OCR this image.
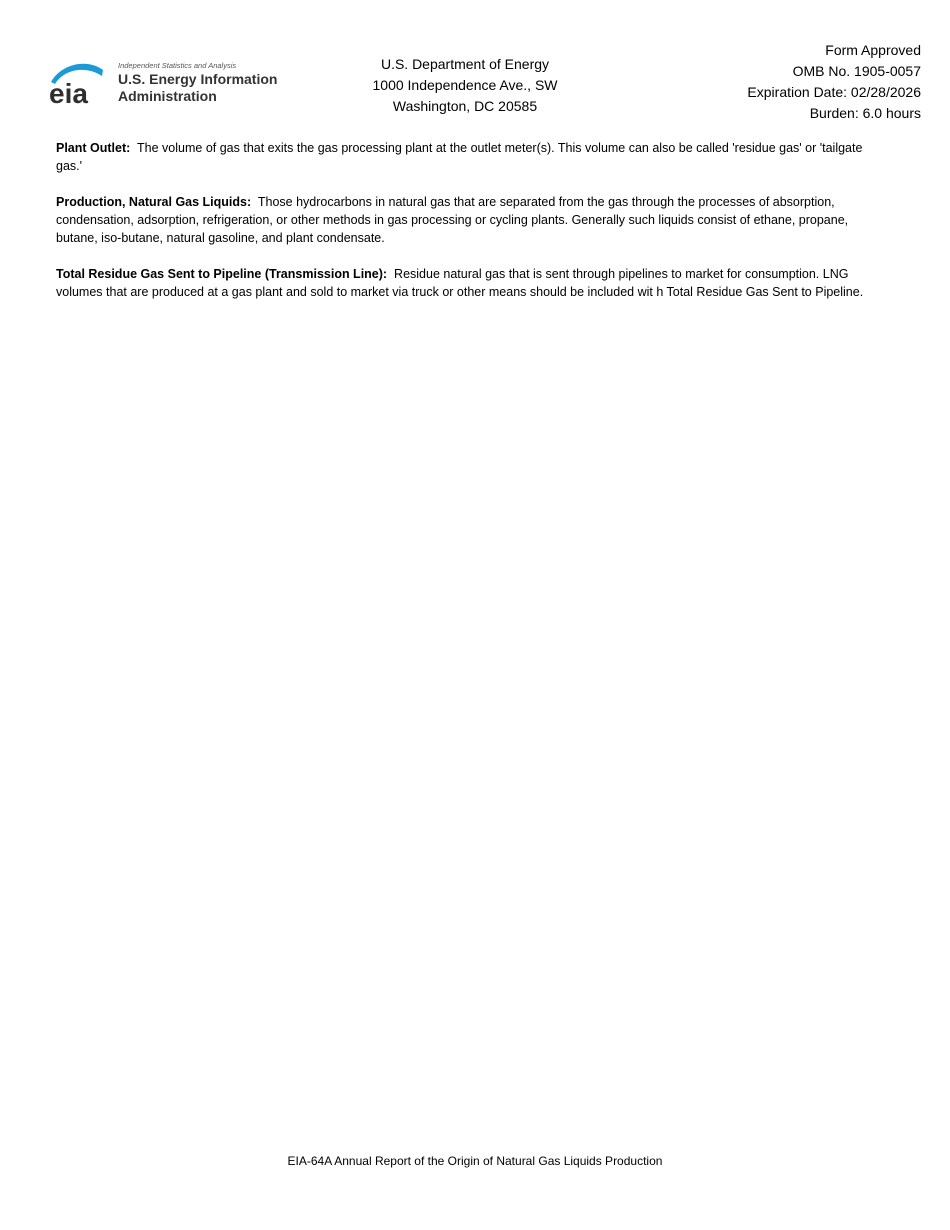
eia
Independent Statistics and Analysis
U.S. Energy Information
Administration
U.S. Department of Energy
1000 Independence Ave., SW
Washington, DC 20585
Form Approved
OMB No. 1905-0057
Expiration Date: 02/28/2026
Burden: 6.0 hours

Plant Outlet: The volume of gas that exits the gas processing plant at the outlet meter(s). This volume can also be called 'residue gas' or 'tailgate gas.'

Production, Natural Gas Liquids: Those hydrocarbons in natural gas that are separated from the gas through the processes of absorption, condensation, adsorption, refrigeration, or other methods in gas processing or cycling plants. Generally such liquids consist of ethane, propane, butane, iso-butane, natural gasoline, and plant condensate.

Total Residue Gas Sent to Pipeline (Transmission Line): Residue natural gas that is sent through pipelines to market for consumption. LNG volumes that are produced at a gas plant and sold to market via truck or other means should be included wit h Total Residue Gas Sent to Pipeline.

EIA-64A Annual Report of the Origin of Natural Gas Liquids Production
